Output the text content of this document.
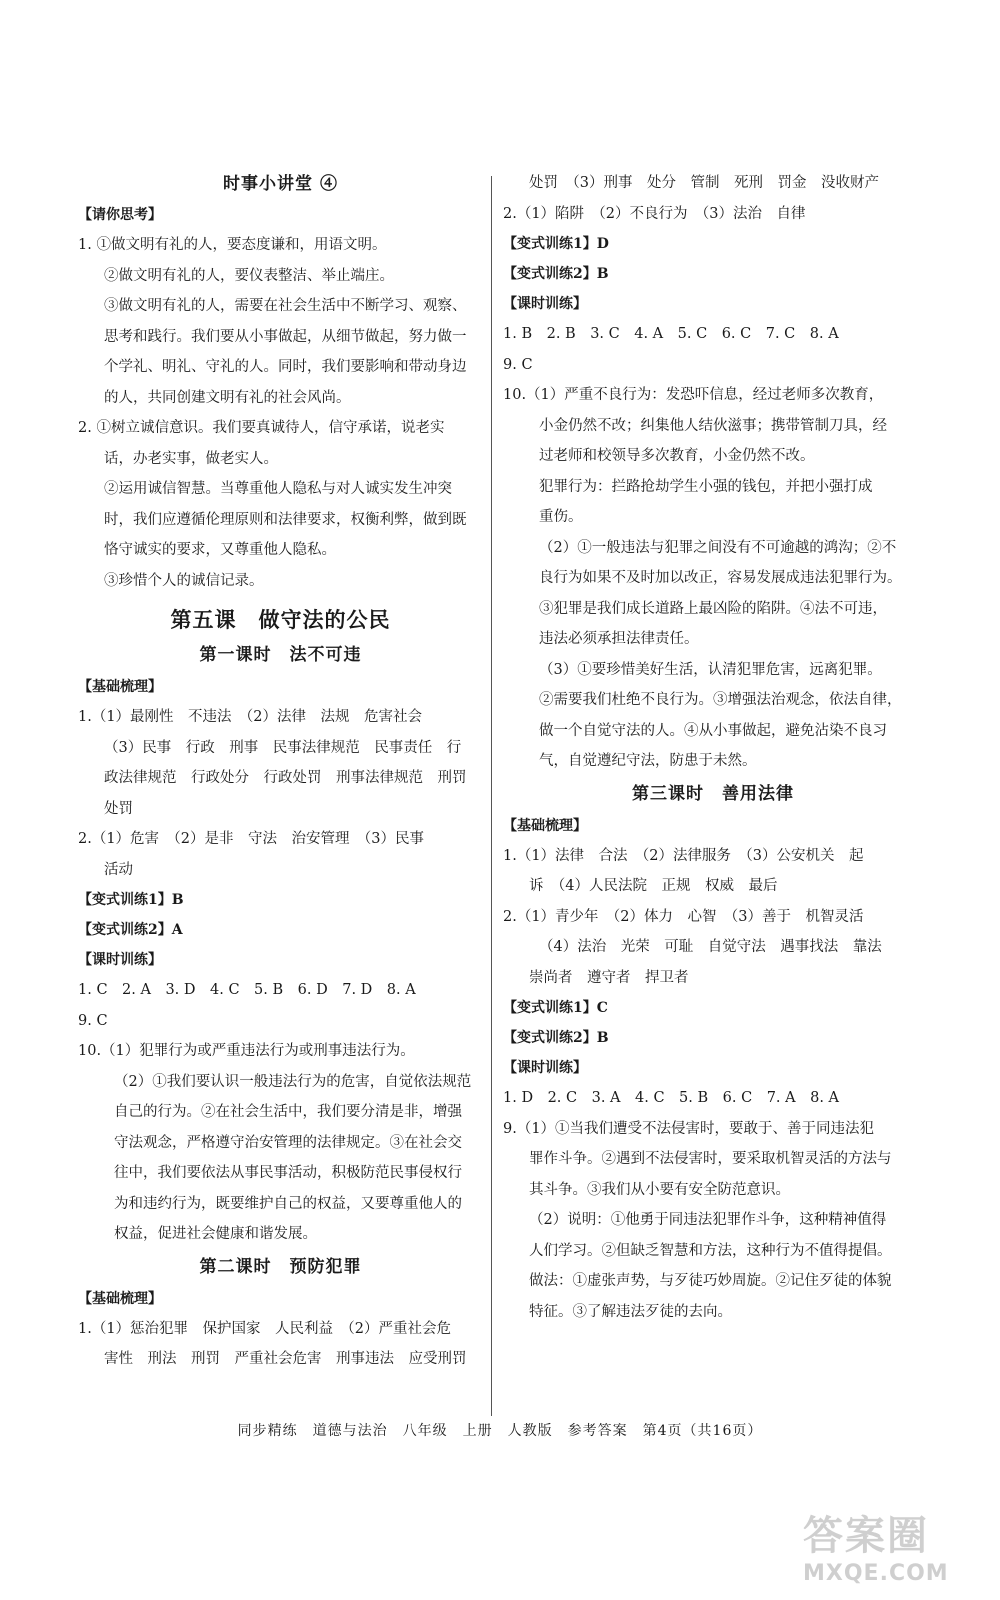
时事小讲堂 ④
【请你思考】
1. ①做文明有礼的人，要态度谦和，用语文明。
②做文明有礼的人，要仪表整洁、举止端庄。
③做文明有礼的人，需要在社会生活中不断学习、观察、
思考和践行。我们要从小事做起，从细节做起，努力做一
个学礼、明礼、守礼的人。同时，我们要影响和带动身边
的人，共同创建文明有礼的社会风尚。
2. ①树立诚信意识。我们要真诚待人，信守承诺，说老实
话，办老实事，做老实人。
②运用诚信智慧。当尊重他人隐私与对人诚实发生冲突
时，我们应遵循伦理原则和法律要求，权衡利弊，做到既
恪守诚实的要求，又尊重他人隐私。
③珍惜个人的诚信记录。
第五课　做守法的公民
第一课时　法不可违
【基础梳理】
1.（1）最刚性　不违法　（2）法律　法规　危害社会
（3）民事　行政　刑事　民事法律规范　民事责任　行
政法律规范　行政处分　行政处罚　刑事法律规范　刑罚
处罚
2.（1）危害　（2）是非　守法　治安管理　（3）民事
活动
【变式训练1】B
【变式训练2】A
【课时训练】
1. C　2. A　3. D　4. C　5. B　6. D　7. D　8. A
9. C
10.（1）犯罪行为或严重违法行为或刑事违法行为。
（2）①我们要认识一般违法行为的危害，自觉依法规范
自己的行为。②在社会生活中，我们要分清是非，增强
守法观念，严格遵守治安管理的法律规定。③在社会交
往中，我们要依法从事民事活动，积极防范民事侵权行
为和违约行为，既要维护自己的权益，又要尊重他人的
权益，促进社会健康和谐发展。
第二课时　预防犯罪
【基础梳理】
1.（1）惩治犯罪　保护国家　人民利益　（2）严重社会危
害性　刑法　刑罚　严重社会危害　刑事违法　应受刑罚
处罚　（3）刑事　处分　管制　死刑　罚金　没收财产
2.（1）陷阱　（2）不良行为　（3）法治　自律
【变式训练1】D
【变式训练2】B
【课时训练】
1. B　2. B　3. C　4. A　5. C　6. C　7. C　8. A
9. C
10.（1）严重不良行为：发恐吓信息，经过老师多次教育，
小金仍然不改；纠集他人结伙滋事；携带管制刀具，经
过老师和校领导多次教育，小金仍然不改。
犯罪行为：拦路抢劫学生小强的钱包，并把小强打成
重伤。
（2）①一般违法与犯罪之间没有不可逾越的鸿沟；②不
良行为如果不及时加以改正，容易发展成违法犯罪行为。
③犯罪是我们成长道路上最凶险的陷阱。④法不可违，
违法必须承担法律责任。
（3）①要珍惜美好生活，认清犯罪危害，远离犯罪。
②需要我们杜绝不良行为。③增强法治观念，依法自律，
做一个自觉守法的人。④从小事做起，避免沾染不良习
气，自觉遵纪守法，防患于未然。
第三课时　善用法律
【基础梳理】
1.（1）法律　合法　（2）法律服务　（3）公安机关　起
诉　（4）人民法院　正规　权威　最后
2.（1）青少年　（2）体力　心智　（3）善于　机智灵活
（4）法治　光荣　可耻　自觉守法　遇事找法　靠法
崇尚者　遵守者　捍卫者
【变式训练1】C
【变式训练2】B
【课时训练】
1. D　2. C　3. A　4. C　5. B　6. C　7. A　8. A
9.（1）①当我们遭受不法侵害时，要敢于、善于同违法犯
罪作斗争。②遇到不法侵害时，要采取机智灵活的方法与
其斗争。③我们从小要有安全防范意识。
（2）说明：①他勇于同违法犯罪作斗争，这种精神值得
人们学习。②但缺乏智慧和方法，这种行为不值得提倡。
做法：①虚张声势，与歹徒巧妙周旋。②记住歹徒的体貌
特征。③了解违法歹徒的去向。
同步精练　道德与法治　八年级　上册　人教版　参考答案　第4页（共16页）
答案圈
MXQE.COM
